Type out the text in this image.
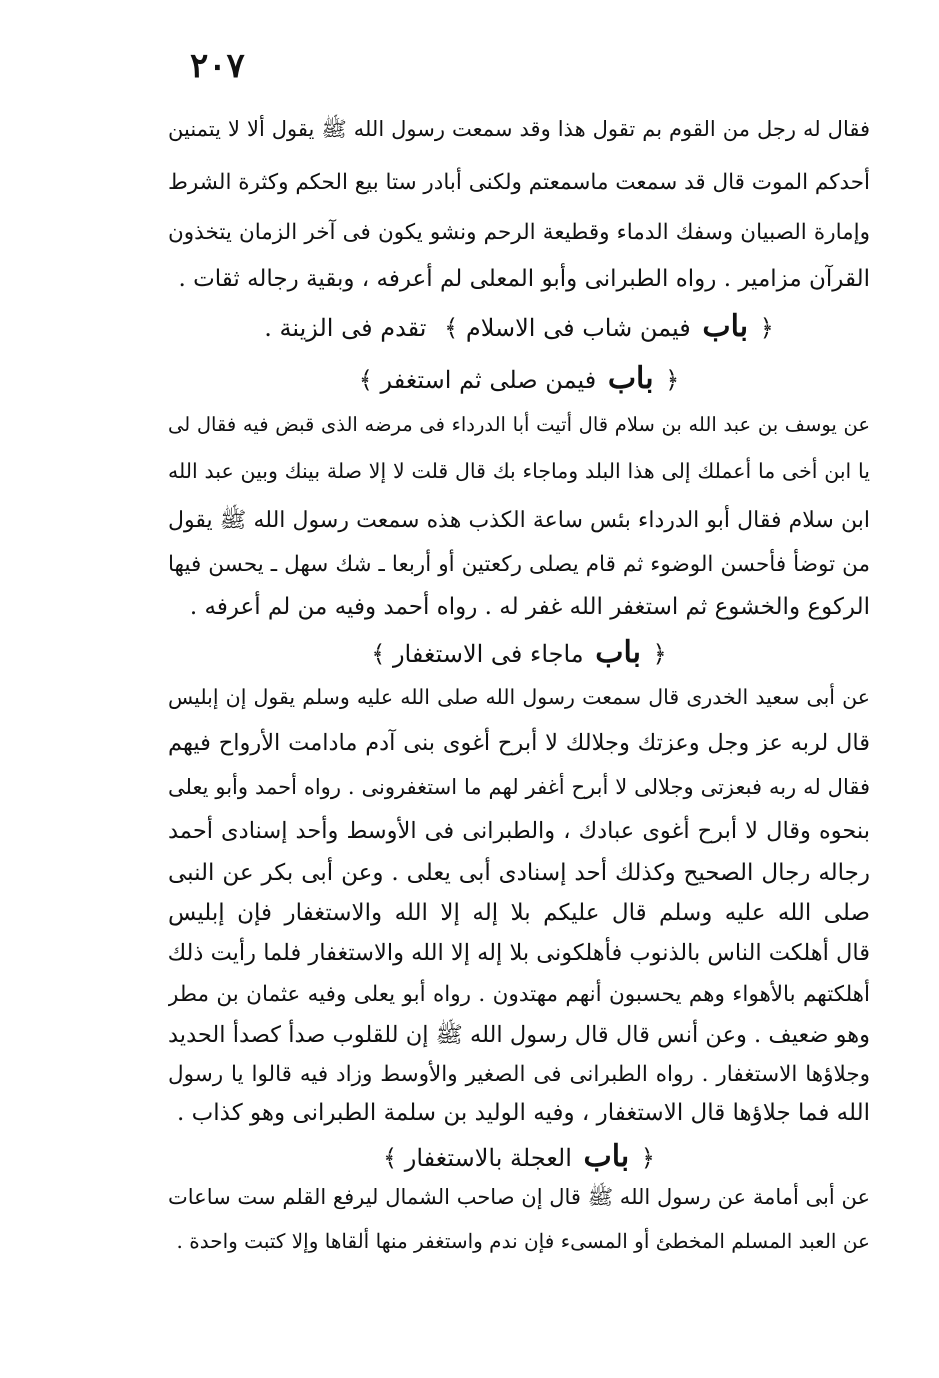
٢٠٧
فقال له رجل من القوم بم تقول هذا وقد سمعت رسول الله ﷺ يقول ألا لا يتمنين
أحدكم الموت قال قد سمعت ماسمعتم ولكنى أبادر ستا بيع الحكم وكثرة الشرط
وإمارة الصبيان وسفك الدماء وقطيعة الرحم ونشو يكون فى آخر الزمان يتخذون
القرآن مزامير . رواه الطبرانى وأبو المعلى لم أعرفه ، وبقية رجاله ثقات .
﴿ باب فيمن شاب فى الاسلام ﴾ تقدم فى الزينة .
﴿ باب فيمن صلى ثم استغفر ﴾
عن يوسف بن عبد الله بن سلام قال أتيت أبا الدرداء فى مرضه الذى قبض فيه فقال لى
يا ابن أخى ما أعملك إلى هذا البلد وماجاء بك قال قلت لا إلا صلة بينك وبين عبد الله
ابن سلام فقال أبو الدرداء بئس ساعة الكذب هذه سمعت رسول الله ﷺ يقول
من توضأ فأحسن الوضوء ثم قام يصلى ركعتين أو أربعا ـ شك سهل ـ يحسن فيها
الركوع والخشوع ثم استغفر الله غفر له . رواه أحمد وفيه من لم أعرفه .
﴿ باب ماجاء فى الاستغفار ﴾
عن أبى سعيد الخدرى قال سمعت رسول الله صلى الله عليه وسلم يقول إن إبليس
قال لربه عز وجل وعزتك وجلالك لا أبرح أغوى بنى آدم مادامت الأرواح فيهم
فقال له ربه فبعزتى وجلالى لا أبرح أغفر لهم ما استغفرونى . رواه أحمد وأبو يعلى
بنحوه وقال لا أبرح أغوى عبادك ، والطبرانى فى الأوسط وأحد إسنادى أحمد
رجاله رجال الصحيح وكذلك أحد إسنادى أبى يعلى . وعن أبى بكر عن النبى
صلى الله عليه وسلم قال عليكم بلا إله إلا الله والاستغفار فإن إبليس
قال أهلكت الناس بالذنوب فأهلكونى بلا إله إلا الله والاستغفار فلما رأيت ذلك
أهلكتهم بالأهواء وهم يحسبون أنهم مهتدون . رواه أبو يعلى وفيه عثمان بن مطر
وهو ضعيف . وعن أنس قال قال رسول الله ﷺ إن للقلوب صدأ كصدأ الحديد
وجلاؤها الاستغفار . رواه الطبرانى فى الصغير والأوسط وزاد فيه قالوا يا رسول
الله فما جلاؤها قال الاستغفار ، وفيه الوليد بن سلمة الطبرانى وهو كذاب .
﴿ باب العجلة بالاستغفار ﴾
عن أبى أمامة عن رسول الله ﷺ قال إن صاحب الشمال ليرفع القلم ست ساعات
عن العبد المسلم المخطئ أو المسىء فإن ندم واستغفر منها ألقاها وإلا كتبت واحدة .
